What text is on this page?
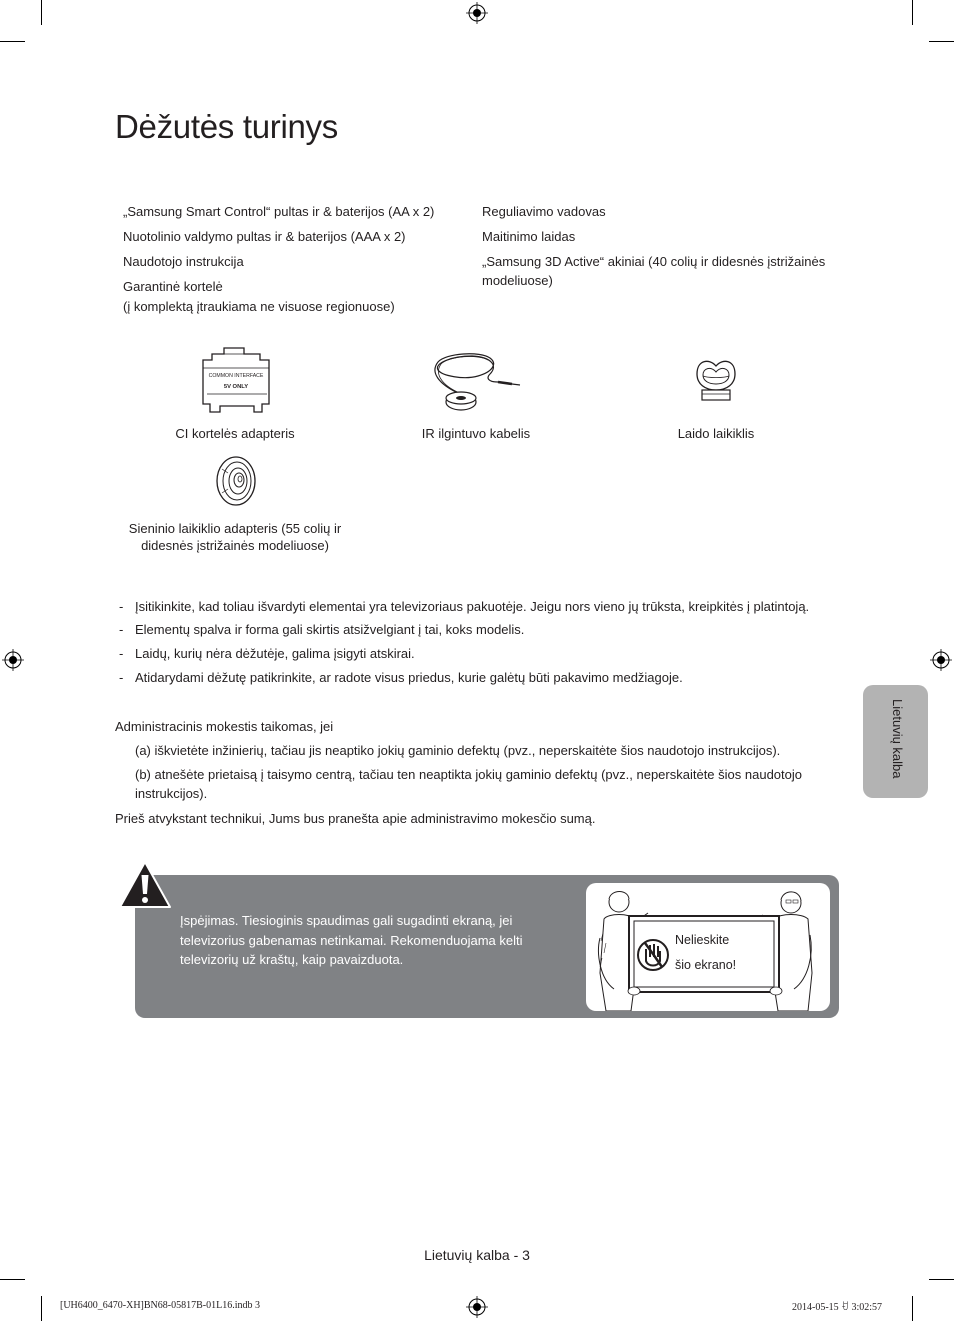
Dėžutės turinys
„Samsung Smart Control“ pultas ir & baterijos (AA x 2)
Nuotolinio valdymo pultas ir & baterijos (AAA x 2)
Naudotojo instrukcija
Garantinė kortelė
(į komplektą įtraukiama ne visuose regionuose)
Reguliavimo vadovas
Maitinimo laidas
„Samsung 3D Active“ akiniai (40 colių ir didesnės įstrižainės
modeliuose)
COMMON INTERFACE
5V ONLY
CI kortelės adapteris	IR ilgintuvo kabelis	Laido laikiklis
Sieninio laikiklio adapteris (55 colių ir
didesnės įstrižainės modeliuose)
- Įsitikinkite, kad toliau išvardyti elementai yra televizoriaus pakuotėje. Jeigu nors vieno jų trūksta, kreipkitės į platintoją.
- Elementų spalva ir forma gali skirtis atsižvelgiant į tai, koks modelis.
- Laidų, kurių nėra dėžutėje, galima įsigyti atskirai.
- Atidarydami dėžutę patikrinkite, ar radote visus priedus, kurie galėtų būti pakavimo medžiagoje.
Administracinis mokestis taikomas, jei
(a) iškvietėte inžinierių, tačiau jis neaptiko jokių gaminio defektų (pvz., neperskaitėte šios naudotojo instrukcijos).
(b) atnešėte prietaisą į taisymo centrą, tačiau ten neaptikta jokių gaminio defektų (pvz., neperskaitėte šios naudotojo
instrukcijos).
Prieš atvykstant technikui, Jums bus pranešta apie administravimo mokesčio sumą.
Lietuvių kalba
Įspėjimas. Tiesioginis spaudimas gali sugadinti ekraną, jei
televizorius gabenamas netinkamai. Rekomenduojama kelti
televizorių už kraštų, kaip pavaizduota.
Nelieskite
šio ekrano!
Lietuvių kalba - 3
[UH6400_6470-XH]BN68-05817B-01L16.indb 3	2014-05-15 ꀀ 3:02:57
